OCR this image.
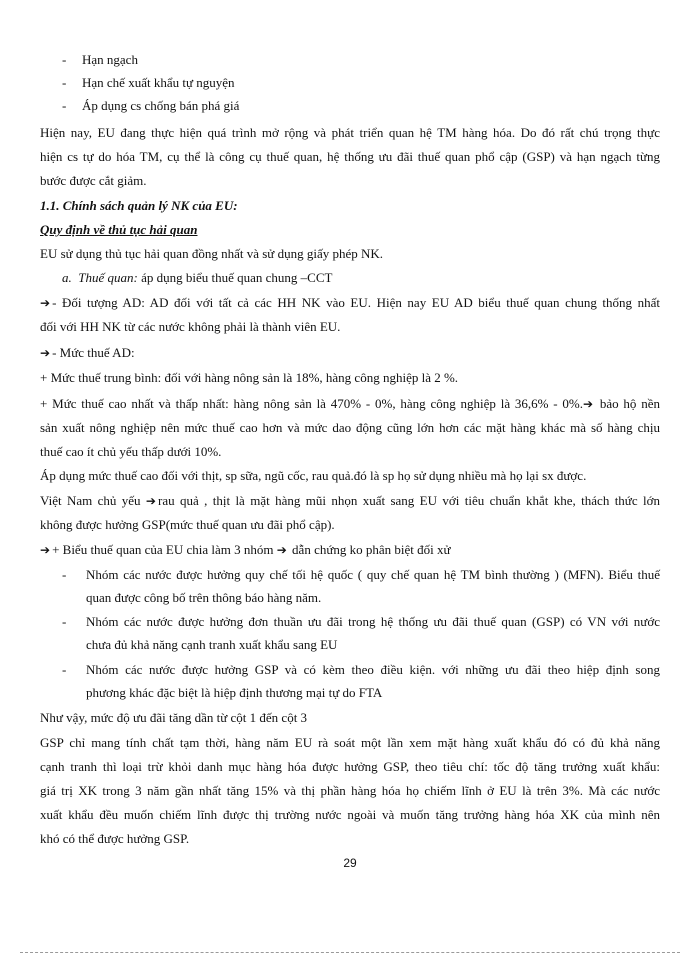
- Hạn ngạch
- Hạn chế xuất khẩu tự nguyện
- Áp dụng cs chống bán phá giá
Hiện nay, EU đang thực hiện quá trình mở rộng và phát triển quan hệ TM hàng hóa. Do đó rất chú trọng thực
hiện cs tự do hóa TM, cụ thể là công cụ thuế quan, hệ thống ưu đãi thuế quan phổ cập (GSP) và hạn ngạch từng
bước được cắt giảm.
1.1. Chính sách quản lý NK của EU:
Quy định về thủ tục hải quan
EU sử dụng thủ tục hải quan đồng nhất và sử dụng giấy phép NK.
a. Thuế quan: áp dụng biểu thuế quan chung –CCT
➔ - Đối tượng AD: AD đối với tất cả các HH NK vào EU. Hiện nay EU AD biểu thuế quan chung thống nhất
đối với HH NK từ các nước không phải là thành viên EU.
➔ - Mức thuế AD:
+ Mức thuế trung bình: đối với hàng nông sản là 18%, hàng công nghiệp là 2 %.
+ Mức thuế cao nhất và thấp nhất: hàng nông sản là 470% - 0%, hàng công nghiệp là 36,6% - 0%.➔ bảo hộ nền
sản xuất nông nghiệp nên mức thuế cao hơn và mức dao động cũng lớn hơn các mặt hàng khác mà số hàng chịu
thuế cao ít chủ yếu thấp dưới 10%.
Áp dụng mức thuế cao đối với thịt, sp sữa, ngũ cốc, rau quả.đó là sp họ sử dụng nhiều mà họ lại sx được.
Việt Nam chủ yếu ➔ rau quả , thịt là mặt hàng mũi nhọn xuất sang EU với tiêu chuẩn khắt khe, thách thức lớn
không được hưởng GSP(mức thuế quan ưu đãi phổ cập).
➔ + Biểu thuế quan của EU chia làm 3 nhóm ➔ dẫn chứng ko phân biệt đối xử
- Nhóm các nước được hưởng quy chế tối hệ quốc ( quy chế quan hệ TM bình thường ) (MFN). Biểu thuế
quan được công bố trên thông báo hàng năm.
- Nhóm các nước được hưởng đơn thuần ưu đãi trong hệ thống ưu đãi thuế quan (GSP) có VN với nước
chưa đủ khả năng cạnh tranh xuất khẩu sang EU
- Nhóm các nước được hưởng GSP và có kèm theo điều kiện. với những ưu đãi theo hiệp định song
phương khác đặc biệt là hiệp định thương mại tự do FTA
Như vậy, mức độ ưu đãi tăng dần từ cột 1 đến cột 3
GSP chỉ mang tính chất tạm thời, hàng năm EU rà soát một lần xem mặt hàng xuất khẩu đó có đủ khả năng
cạnh tranh thì loại trừ khỏi danh mục hàng hóa được hưởng GSP, theo tiêu chí: tốc độ tăng trưởng xuất khẩu:
giá trị XK trong 3 năm gần nhất tăng 15% và thị phần hàng hóa họ chiếm lĩnh ở EU là trên 3%. Mà các nước
xuất khẩu đều muốn chiếm lĩnh được thị trường nước ngoài và muốn tăng trưởng hàng hóa XK của mình nên
khó có thể được hưởng GSP.
29
